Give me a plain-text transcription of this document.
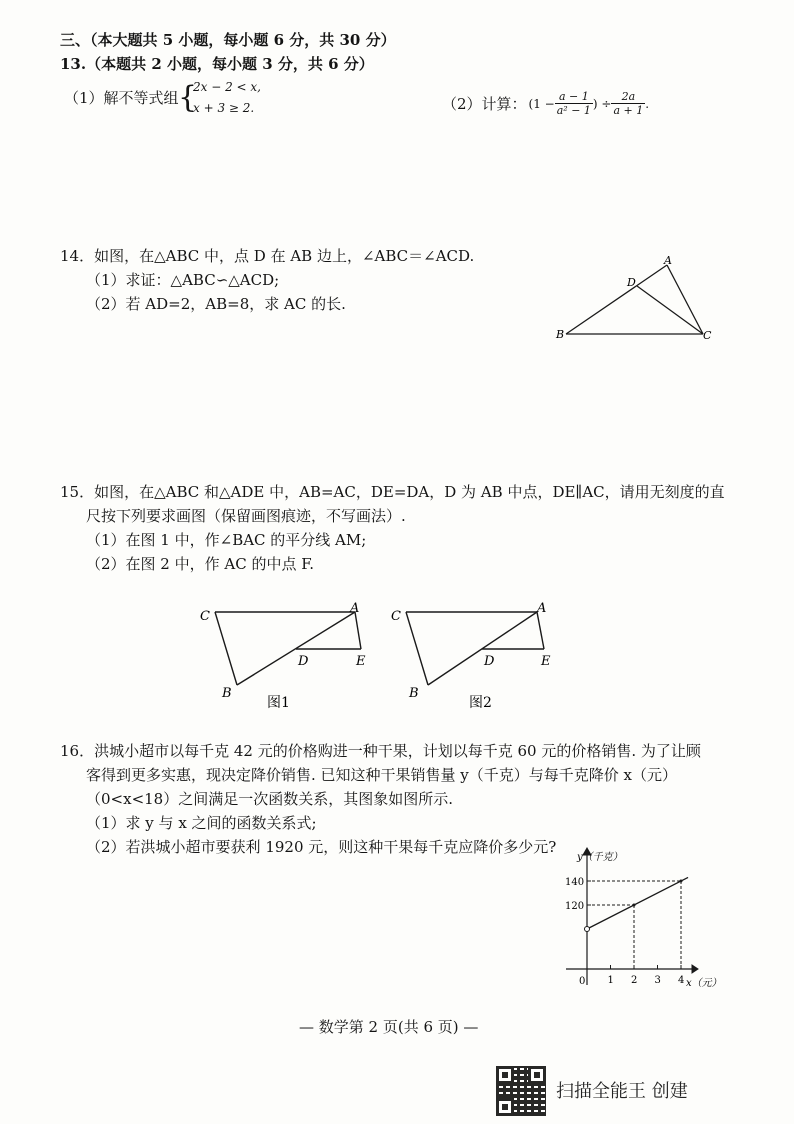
三、（本大题共 5 小题，每小题 6 分，共 30 分）
13.（本题共 2 小题，每小题 3 分，共 6 分）
（1）解不等式组 {
2x − 2 < x,
x + 3 ≥ 2.	（2）计算： ($1 - \frac{a - 1}{\text{a² − 1}}$ ) ÷ $\frac{2a}{a + 1}$ .
14．如图，在△ABC 中，点 D 在 AB 边上，∠ABC＝∠ACD.
（1）求证：△ABC∽△ACD;
（2）若 AD=2，AB=8，求 AC 的长.
A
D
B	C
C
A
D	E
B
图1
C
A
D	E
B
图2
1 2 3 4
120
140
y（千克）
x（元）
0
15．如图，在△ABC 和△ADE 中，AB=AC，DE=DA，D 为 AB 中点，DE∥AC，请用无刻度的直
尺按下列要求画图（保留画图痕迹，不写画法）.
（1）在图 1 中，作∠BAC 的平分线 AM;
（2）在图 2 中，作 AC 的中点 F.
16．洪城小超市以每千克 42 元的价格购进一种干果，计划以每千克 60 元的价格销售. 为了让顾
客得到更多实惠，现决定降价销售. 已知这种干果销售量 y（千克）与每千克降价 x（元）
（0<x<18）之间满足一次函数关系，其图象如图所示.
（1）求 y 与 x 之间的函数关系式;
（2）若洪城小超市要获利 1920 元，则这种干果每千克应降价多少元?
— 数学第 2 页(共 6 页) —
扫描全能王 创建
